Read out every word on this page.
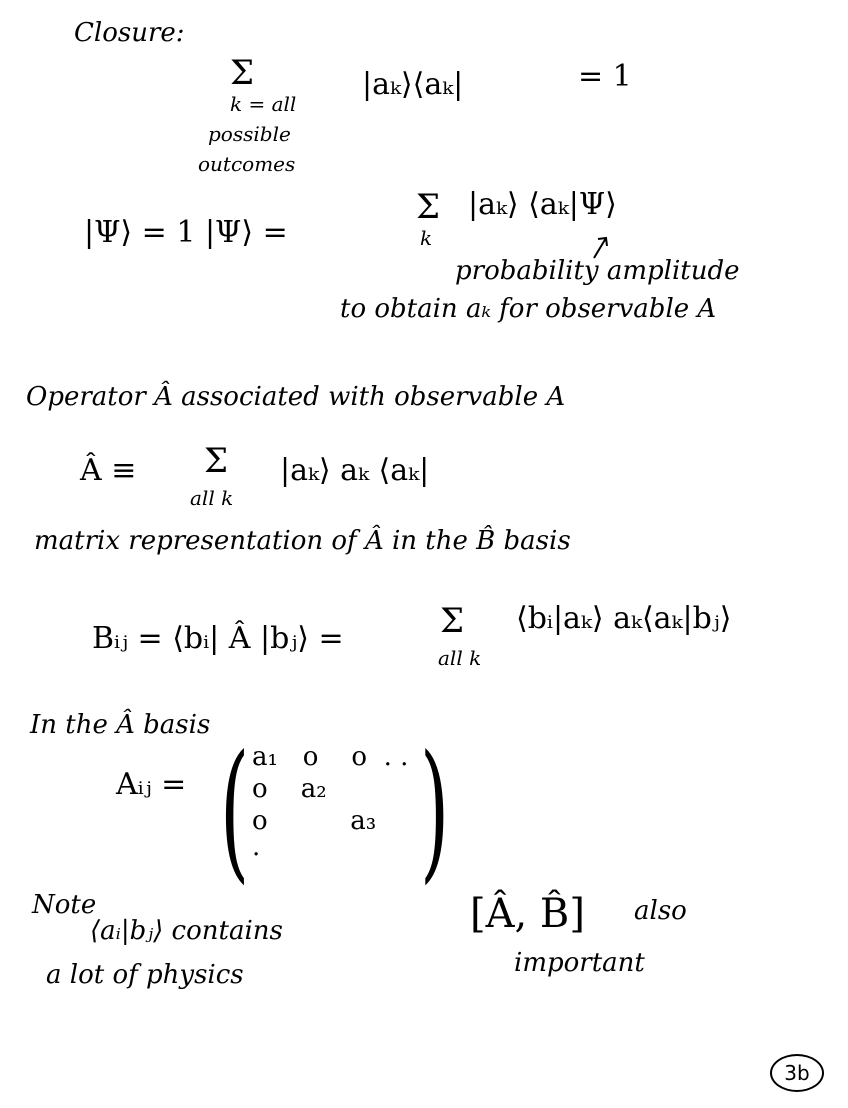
Closure:
Σ
k = all
possible
outcomes
|aₖ⟩⟨aₖ|	= 1
|Ψ⟩ = 1 |Ψ⟩ =
Σ
k
|aₖ⟩ ⟨aₖ|Ψ⟩
probability amplitude
to obtain aₖ for observable A
Operator Â associated with observable A
Â ≡ Σ
all k
|aₖ⟩ aₖ ⟨aₖ|
matrix representation of Â in the B̂ basis
Bᵢⱼ = ⟨bᵢ| Â |bⱼ⟩ =	Σ
all k
⟨bᵢ|aₖ⟩ aₖ⟨aₖ|bⱼ⟩
In the Â basis
Aᵢⱼ = ( )
a₁   o    o  . .
o    a₂
o          a₃
.
Note
⟨aᵢ|bⱼ⟩ contains
a lot of physics
[Â, B̂] also
important
3b
